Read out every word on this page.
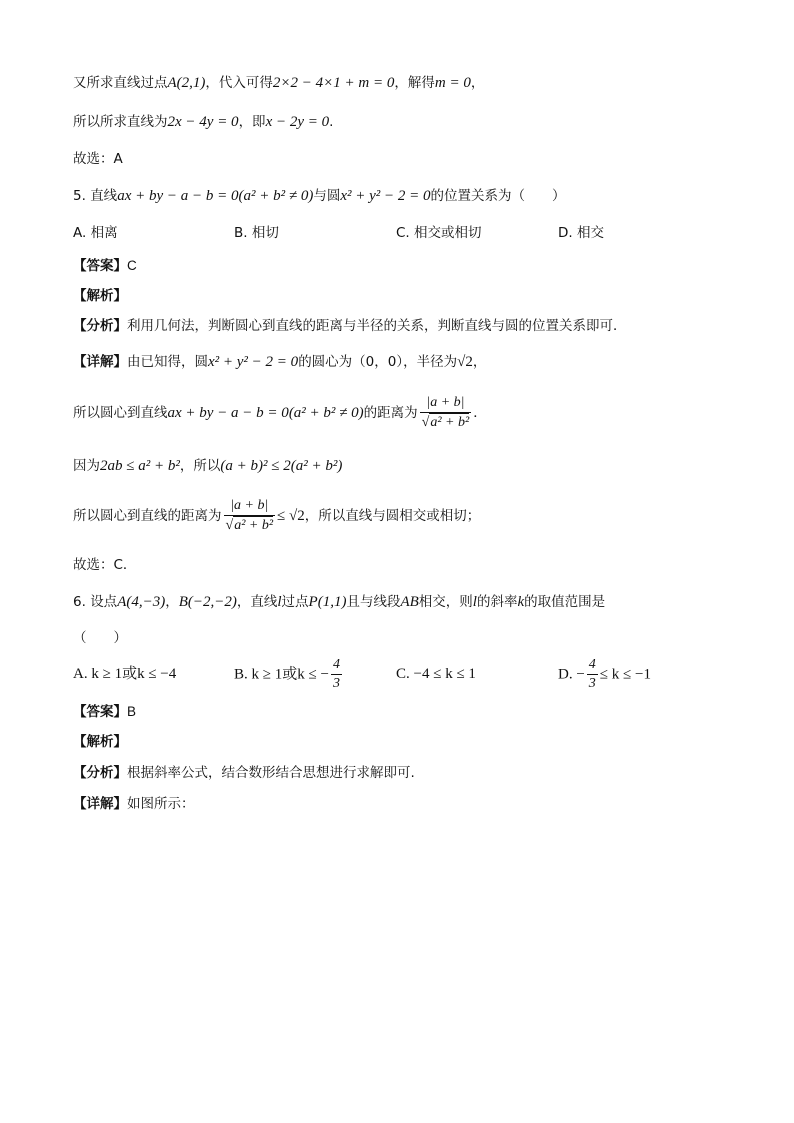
又所求直线过点A(2,1)，代入可得2×2 − 4×1 + m = 0，解得m = 0，
所以所求直线为2x − 4y = 0，即x − 2y = 0.
故选：A
5. 直线ax + by − a − b = 0(a² + b² ≠ 0)与圆x² + y² − 2 = 0的位置关系为（　　）
A. 相离	B. 相切	C. 相交或相切	D. 相交
【答案】C
【解析】
【分析】利用几何法，判断圆心到直线的距离与半径的关系，判断直线与圆的位置关系即可．
【详解】由已知得，圆x² + y² − 2 = 0的圆心为（0，0），半径为√2，
所以圆心到直线ax + by − a − b = 0(a² + b² ≠ 0)的距离为 $\frac{|a + b|}{\text{√a² + b²}}$ ．
因为2ab ≤ a² + b²，所以(a + b)² ≤ 2(a² + b²)
所以圆心到直线的距离为 $\frac{|a + b|}{\text{√a² + b²}} \le √2$，所以直线与圆相交或相切；
故选：C．
6. 设点A(4,−3)，B(−2,−2)，直线l过点P(1,1)且与线段AB相交，则l的斜率k的取值范围是
（　　）
A. k ≥ 1或k ≤ −4	B. k ≥ 1或k ≤ − $\frac{4}{3}$	C. −4 ≤ k ≤ 1	D. − $\frac{4}{3} \le k \le -1$
【答案】B
【解析】
【分析】根据斜率公式，结合数形结合思想进行求解即可.
【详解】如图所示：
